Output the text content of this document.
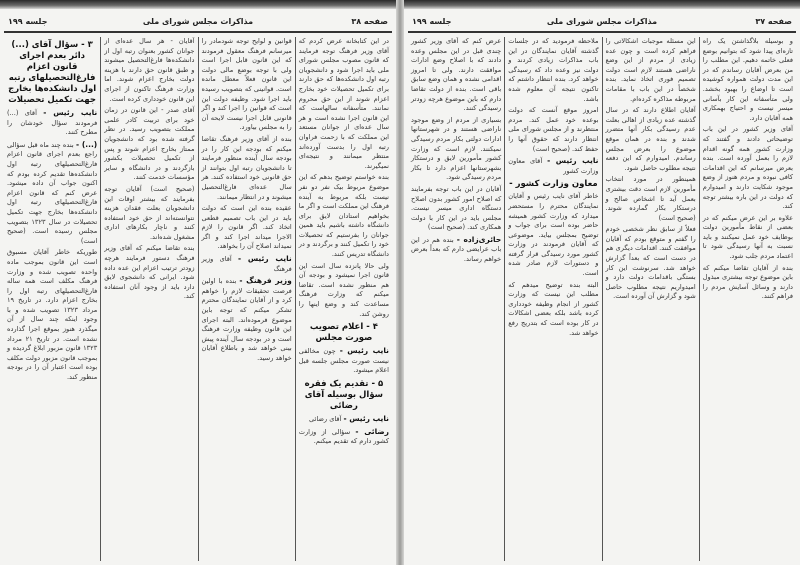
صفحه ۳۸
مذاکرات مجلس شورای ملی
جلسه ۱۹۹
در این کتابخانه عرض کردم که آقای وزیر فرهنگ توجه فرمایند که قانون مصوب مجلس شورای ملی باید اجرا شود و دانشجویان رتبه اول دانشکده‌ها که حق دارند برای تکمیل تحصیلات خود بخارج اعزام شوند از این حق محروم نمانند. متأسفانه سالهاست که این قانون اجرا نشده است و هر سال عده‌ای از جوانان مستعد این مملکت که با زحمت فراوان رتبه اول را بدست آورده‌اند منتظر میمانند و نتیجه‌ای نمیگیرند.
بنده خواستم توضیح بدهم که این موضوع مربوط بیک نفر دو نفر نیست بلکه مربوط به آینده فرهنگ این مملکت است و اگر ما بخواهیم استادان لایق برای دانشگاه داشته باشیم باید همین جوانان را بفرستیم که تحصیلات خود را تکمیل کنند و برگردند و در دانشگاه تدریس کنند.
ولی حالا پانزده سال است این قانون اجرا نمیشود و بودجه آن هم منظور نشده است. تقاضا میکنم که وزارت فرهنگ مساعدت کند و وضع اینها را روشن کند.
۴ - اعلام تصویب صورت مجلس
نایب رئیس - چون مخالفی نیست صورت مجلس جلسه قبل اعلام میشود.
۵ - تقدیم یک فقره سؤال بوسیله آقای رضائی
نایب رئیس - آقای رضائی
رضائی - سؤالی از وزارت کشور دارم که تقدیم میکنم.
قوانین و لوایح توجه شودمادر را میرسانم فرهنگ معقول فرمودند که این قانون قابل اجرا است ولی با توجه بوضع مالی دولت این قانون فعلاً معطل مانده است. قوانینی که بتصویب رسیده باید اجرا شود. وظیفه دولت این است که قوانین را اجرا کند و اگر قانونی قابل اجرا نیست لایحه آن را به مجلس بیاورد.
بنده از آقای وزیر فرهنگ تقاضا میکنم که بودجه این کار را در بودجه سال آینده منظور فرمایند تا دانشجویان رتبه اول بتوانند از حق قانونی خود استفاده کنند. هر سال عده‌ای فارغ‌التحصیل میشوند و در انتظار میمانند.
عقیده بنده این است که دولت باید در این باب تصمیم قطعی اتخاذ کند. اگر قانون را لازم الاجرا میداند اجرا کند و اگر نمیداند اصلاح آن را بخواهد.
نایب رئیس - آقای وزیر فرهنگ
وزیر فرهنگ - بنده با اولین فرصت تحقیقات لازم را خواهم کرد و از آقایان نمایندگان محترم تشکر میکنم که توجه باین موضوع فرموده‌اند. البته اجرای این قانون وظیفه وزارت فرهنگ است و در بودجه سال آینده پیش بینی خواهد شد و باطلاع آقایان خواهد رسید.
آقایان - هر سال عده‌ای از جوانان کشور بعنوان رتبه اول از دانشکده‌ها فارغ‌التحصیل میشوند و طبق قانون حق دارند با هزینه دولت بخارج اعزام شوند. اما وزارت فرهنگ تاکنون از اجرای این قانون خودداری کرده است.
آقای صدر - این قانون در زمان خود برای تربیت کادر علمی مملکت بتصویب رسید. در نظر گرفته شده بود که دانشجویان ممتاز بخارج اعزام شوند و پس از تکمیل تحصیلات بکشور بازگردند و در دانشگاه و سایر مؤسسات خدمت کنند.
(صحیح است) آقایان توجه بفرمایند که بیشتر اوقات این دانشجویان بعلت فقدان هزینه نتوانسته‌اند از حق خود استفاده کنند و ناچار بکارهای اداری مشغول شده‌اند.
بنده تقاضا میکنم که آقای وزیر فرهنگ دستور فرمایند هرچه زودتر ترتیب اعزام این عده داده شود. ایرانی که دانشجوی لایق دارد باید از وجود آنان استفاده کند.
۳ - سؤال آقای (...) دائر بعدم اجرای قانون اعزام فارغ‌التحصیلهای رتبه اول دانشکده‌ها بخارج جهت تکمیل تحصیلات
نایب رئیس - آقای (...) فرمودند سؤال خودشان را مطرح کنند.
(...) - بنده چند ماه قبل سؤالی راجع بعدم اجرای قانون اعزام فارغ‌التحصیلهای رتبه اول دانشکده‌ها تقدیم کرده بودم که اکنون جواب آن داده میشود. عرض کنم که قانون اعزام فارغ‌التحصیلهای رتبه اول دانشکده‌ها بخارج جهت تکمیل تحصیلات در سال ۱۳۲۳ بتصویب مجلس رسیده است. (صحیح است)
طوریکه خاطر آقایان مسبوق است این قانون بموجب ماده واحده تصویب شده و وزارت فرهنگ مکلف است همه ساله فارغ‌التحصیلهای رتبه اول را بخارج اعزام دارد. در تاریخ ۱۹ مرداد ۱۳۲۳ تصویب شده و با وجود اینکه چند سال از آن میگذرد هنوز بموقع اجرا گذارده نشده است. در تاریخ ۲۱ مرداد ۱۳۲۳ قانون مزبور ابلاغ گردیده و بموجب قانون مزبور دولت مکلف بوده است اعتبار آن را در بودجه منظور کند.
صفحه ۳۷
مذاکرات مجلس شورای ملی
جلسه ۱۹۹
و بوسیله بلاگذاشتن یک راه تازه‌ای پیدا شود که بتوانیم بوضع فعلی خاتمه دهیم. این مطلب را من بعرض آقایان رساندم که در این مدت دولت همواره کوشیده است تا اوضاع را بهبود بخشد. ولی متأسفانه این کار بآسانی میسر نیست و احتیاج بهمکاری همه آقایان دارد.
آقای وزیر کشور در این باب توضیحاتی دادند و گفتند که وزارت کشور همه گونه اقدام لازم را بعمل آورده است. بنده بعرض میرسانم که این اقدامات کافی نبوده و مردم هنوز از وضع موجود شکایت دارند و امیدوارم که دولت در این باره بیشتر توجه کند.
علاوه بر این عرض میکنم که در بعضی از نقاط مأمورین دولت بوظایف خود عمل نمیکنند و باید نسبت به آنها رسیدگی شود تا اعتماد مردم جلب شود.
بنده از آقایان تقاضا میکنم که باین موضوع توجه بیشتری مبذول دارند و وسائل آسایش مردم را فراهم کنند.
این مسئله موجبات اشکالاتی را فراهم کرده است و چون عده زیادی از مردم از این وضع ناراضی هستند لازم است دولت تصمیم فوری اتخاذ نماید. بنده شخصاً در این باب با مقامات مربوطه مذاکره کرده‌ام.
آقایان اطلاع دارند که در سال گذشته عده زیادی از اهالی بعلت عدم رسیدگی بکار آنها متضرر شدند و بنده در همان موقع موضوع را بعرض مجلس رساندم. امیدوارم که این دفعه نتیجه مطلوب حاصل شود.
همینطور در مورد انتخاب مأمورین لازم است دقت بیشتری بعمل آید تا اشخاص صالح و درستکار بکار گمارده شوند. (صحیح است)
فعلاً از سابق نظر شخصی خودم را گفتم و متوقع بودم که آقایان موافقت کنند. اقدامات دیگری هم در دست است که بعداً گزارش خواهد شد. سرنوشت این کار بستگی باقدامات دولت دارد و امیدواریم نتیجه مطلوب حاصل شود و گزارش آن آورده است.
ملاحظه فرمودید که در جلسات گذشته آقایان نمایندگان در این باب مذاکرات زیادی کردند و دولت نیز وعده داد که رسیدگی خواهد کرد. بنده انتظار داشتم که تاکنون نتیجه آن معلوم شده باشد.
امروز موقع آنست که دولت بوعده خود عمل کند. مردم منتظرند و از مجلس شورای ملی انتظار دارند که حقوق آنها را حفظ کند. (صحیح است)
نایب رئیس - آقای معاون وزارت کشور
معاون وزارت کشور -
خاطر آقای نایب رئیس و آقایان نمایندگان محترم را مستحضر میدارد که وزارت کشور همیشه حاضر بوده است برای جواب و توضیح بمجلس بیاید. موضوعی که آقایان فرمودند در وزارت کشور مورد رسیدگی قرار گرفته و دستورات لازم صادر شده است.
البته بنده توضیح میدهم که مطلب این نیست که وزارت کشور از انجام وظیفه خودداری کرده باشد بلکه بعضی اشکالات در کار بوده است که بتدریج رفع خواهد شد.
عرض کنم که آقای وزیر کشور چندی قبل در این مجلس وعده دادند که با اصلاح وضع ادارات موافقت دارند. ولی تا امروز اقدامی نشده و همان وضع سابق باقی است. بنده از دولت تقاضا دارم که باین موضوع هرچه زودتر رسیدگی کنند.
بسیاری از مردم از وضع موجود ناراضی هستند و در شهرستانها ادارات دولتی بکار مردم رسیدگی نمیکنند. لازم است که وزارت کشور مأمورین لایق و درستکار بشهرستانها اعزام دارد تا بکار مردم رسیدگی شود.
آقایان در این باب توجه بفرمایند که اصلاح امور کشور بدون اصلاح دستگاه اداری میسر نیست. مجلس باید در این کار با دولت همکاری کند. (صحیح است)
حائری‌زاده - بنده هم در این باب عرایضی دارم که بعداً بعرض خواهم رساند.
